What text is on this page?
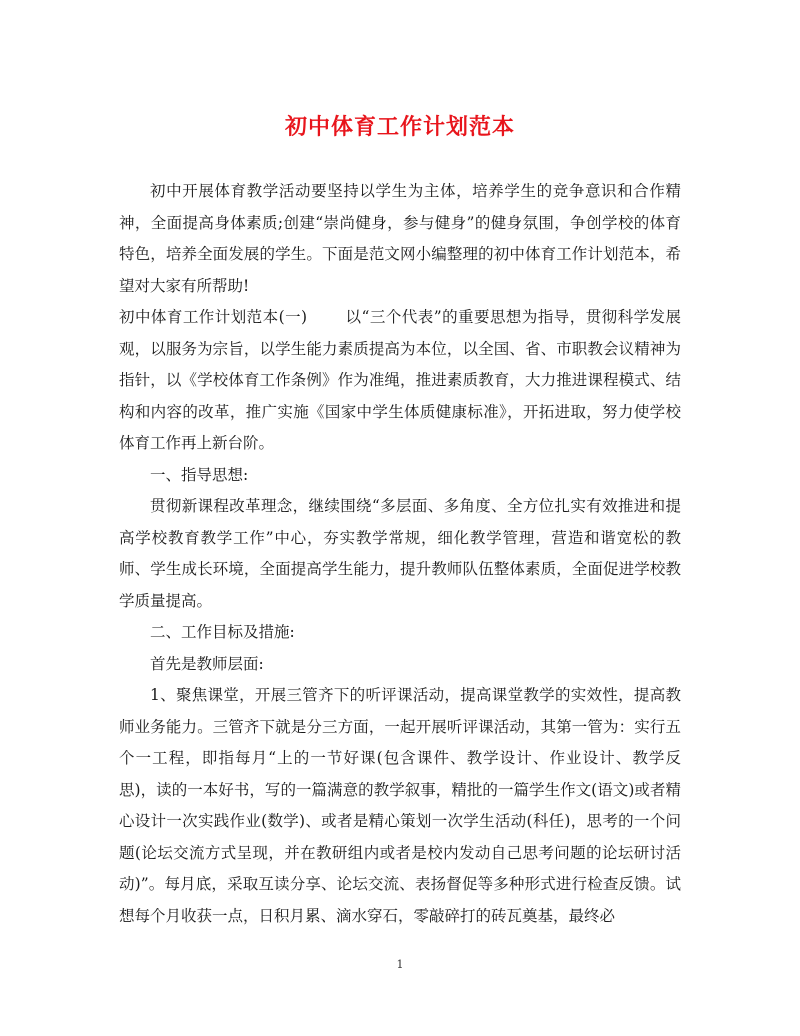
初中体育工作计划范本

初中开展体育教学活动要坚持以学生为主体，培养学生的竞争意识和合作精神，全面提高身体素质;创建“崇尚健身，参与健身”的健身氛围，争创学校的体育特色，培养全面发展的学生。下面是范文网小编整理的初中体育工作计划范本，希望对大家有所帮助!

初中体育工作计划范本(一) 以“三个代表”的重要思想为指导，贯彻科学发展观，以服务为宗旨，以学生能力素质提高为本位，以全国、省、市职教会议精神为指针，以《学校体育工作条例》作为准绳，推进素质教育，大力推进课程模式、结构和内容的改革，推广实施《国家中学生体质健康标准》，开拓进取，努力使学校体育工作再上新台阶。

一、指导思想:

贯彻新课程改革理念，继续围绕“多层面、多角度、全方位扎实有效推进和提高学校教育教学工作”中心，夯实教学常规，细化教学管理，营造和谐宽松的教师、学生成长环境，全面提高学生能力，提升教师队伍整体素质，全面促进学校教学质量提高。

二、工作目标及措施:

首先是教师层面:

1、聚焦课堂，开展三管齐下的听评课活动，提高课堂教学的实效性，提高教师业务能力。三管齐下就是分三方面，一起开展听评课活动，其第一管为：实行五个一工程，即指每月“上的一节好课(包含课件、教学设计、作业设计、教学反思)，读的一本好书，写的一篇满意的教学叙事，精批的一篇学生作文(语文)或者精心设计一次实践作业(数学)、或者是精心策划一次学生活动(科任)，思考的一个问题(论坛交流方式呈现，并在教研组内或者是校内发动自己思考问题的论坛研讨活动)”。每月底，采取互读分享、论坛交流、表扬督促等多种形式进行检查反馈。试想每个月收获一点，日积月累、滴水穿石，零敲碎打的砖瓦奠基，最终必

1
